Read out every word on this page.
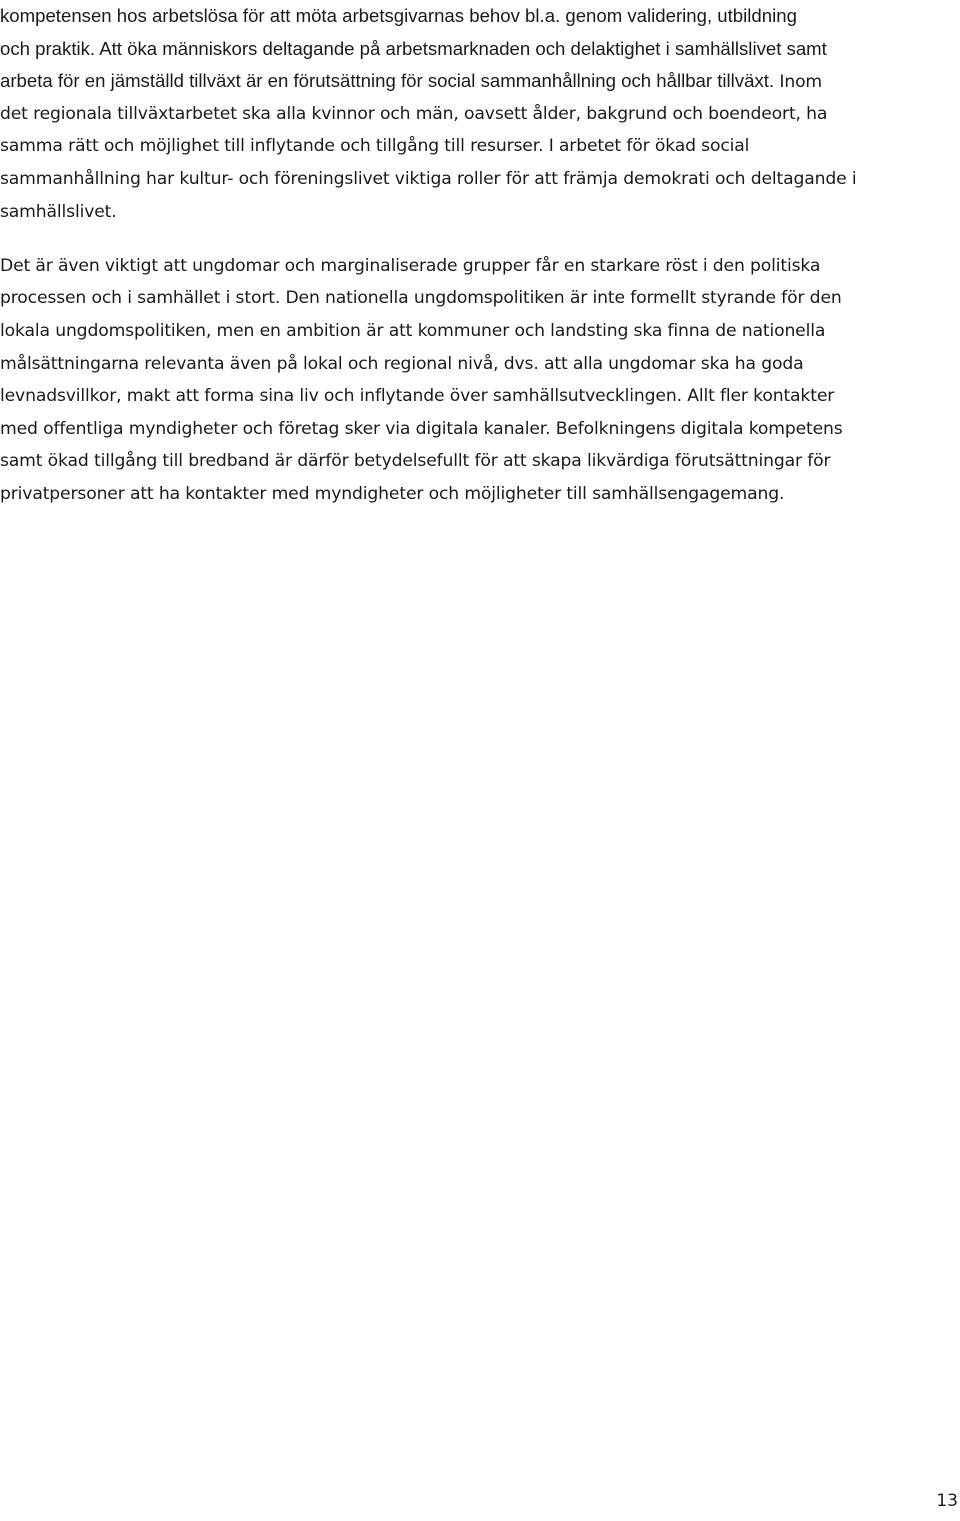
kompetensen hos arbetslösa för att möta arbetsgivarnas behov bl.a. genom validering, utbildning
och praktik. Att öka människors deltagande på arbetsmarknaden och delaktighet i samhällslivet samt
arbeta för en jämställd tillväxt är en förutsättning för social sammanhållning och hållbar tillväxt. Inom
det regionala tillväxtarbetet ska alla kvinnor och män, oavsett ålder, bakgrund och boendeort, ha
samma rätt och möjlighet till inflytande och tillgång till resurser. I arbetet för ökad social
sammanhållning har kultur- och föreningslivet viktiga roller för att främja demokrati och deltagande i
samhällslivet.
Det är även viktigt att ungdomar och marginaliserade grupper får en starkare röst i den politiska
processen och i samhället i stort. Den nationella ungdomspolitiken är inte formellt styrande för den
lokala ungdomspolitiken, men en ambition är att kommuner och landsting ska finna de nationella
målsättningarna relevanta även på lokal och regional nivå, dvs. att alla ungdomar ska ha goda
levnadsvillkor, makt att forma sina liv och inflytande över samhällsutvecklingen. Allt fler kontakter
med offentliga myndigheter och företag sker via digitala kanaler. Befolkningens digitala kompetens
samt ökad tillgång till bredband är därför betydelsefullt för att skapa likvärdiga förutsättningar för
privatpersoner att ha kontakter med myndigheter och möjligheter till samhällsengagemang.
13
